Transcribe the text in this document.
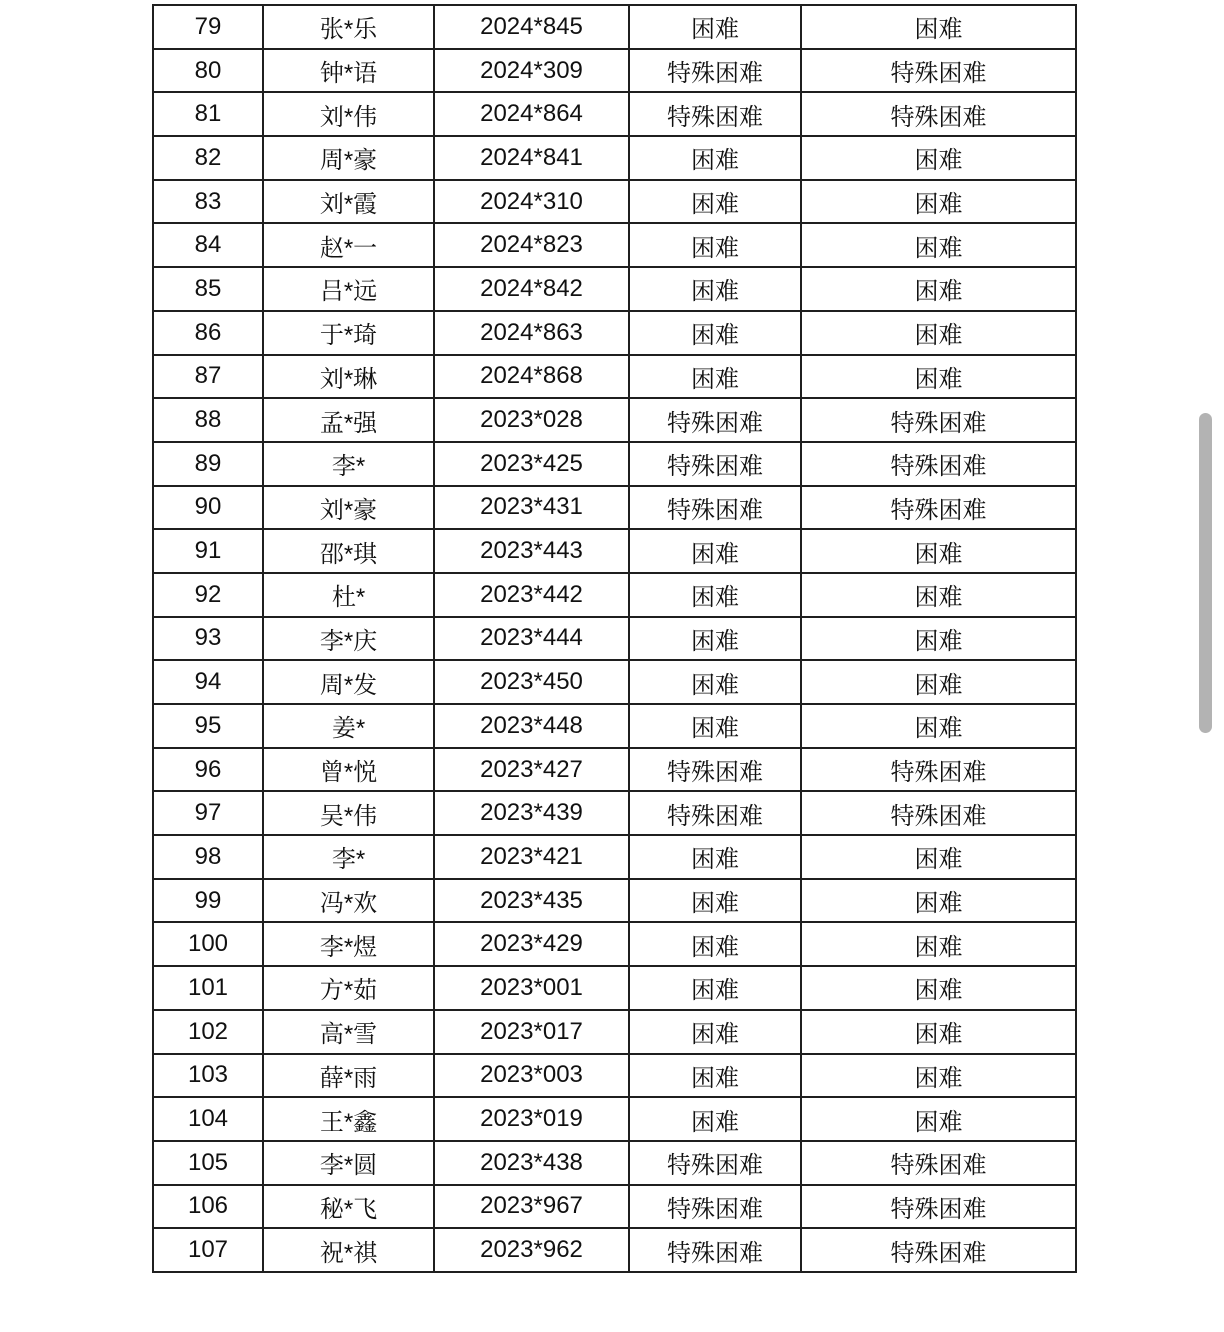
79	张*乐	2024*845	困难	困难
80	钟*语	2024*309	特殊困难	特殊困难
81	刘*伟	2024*864	特殊困难	特殊困难
82	周*豪	2024*841	困难	困难
83	刘*霞	2024*310	困难	困难
84	赵*一	2024*823	困难	困难
85	吕*远	2024*842	困难	困难
86	于*琦	2024*863	困难	困难
87	刘*琳	2024*868	困难	困难
88	孟*强	2023*028	特殊困难	特殊困难
89	李*	2023*425	特殊困难	特殊困难
90	刘*豪	2023*431	特殊困难	特殊困难
91	邵*琪	2023*443	困难	困难
92	杜*	2023*442	困难	困难
93	李*庆	2023*444	困难	困难
94	周*发	2023*450	困难	困难
95	姜*	2023*448	困难	困难
96	曾*悦	2023*427	特殊困难	特殊困难
97	吴*伟	2023*439	特殊困难	特殊困难
98	李*	2023*421	困难	困难
99	冯*欢	2023*435	困难	困难
100	李*煜	2023*429	困难	困难
101	方*茹	2023*001	困难	困难
102	高*雪	2023*017	困难	困难
103	薛*雨	2023*003	困难	困难
104	王*鑫	2023*019	困难	困难
105	李*圆	2023*438	特殊困难	特殊困难
106	秘*飞	2023*967	特殊困难	特殊困难
107	祝*祺	2023*962	特殊困难	特殊困难
